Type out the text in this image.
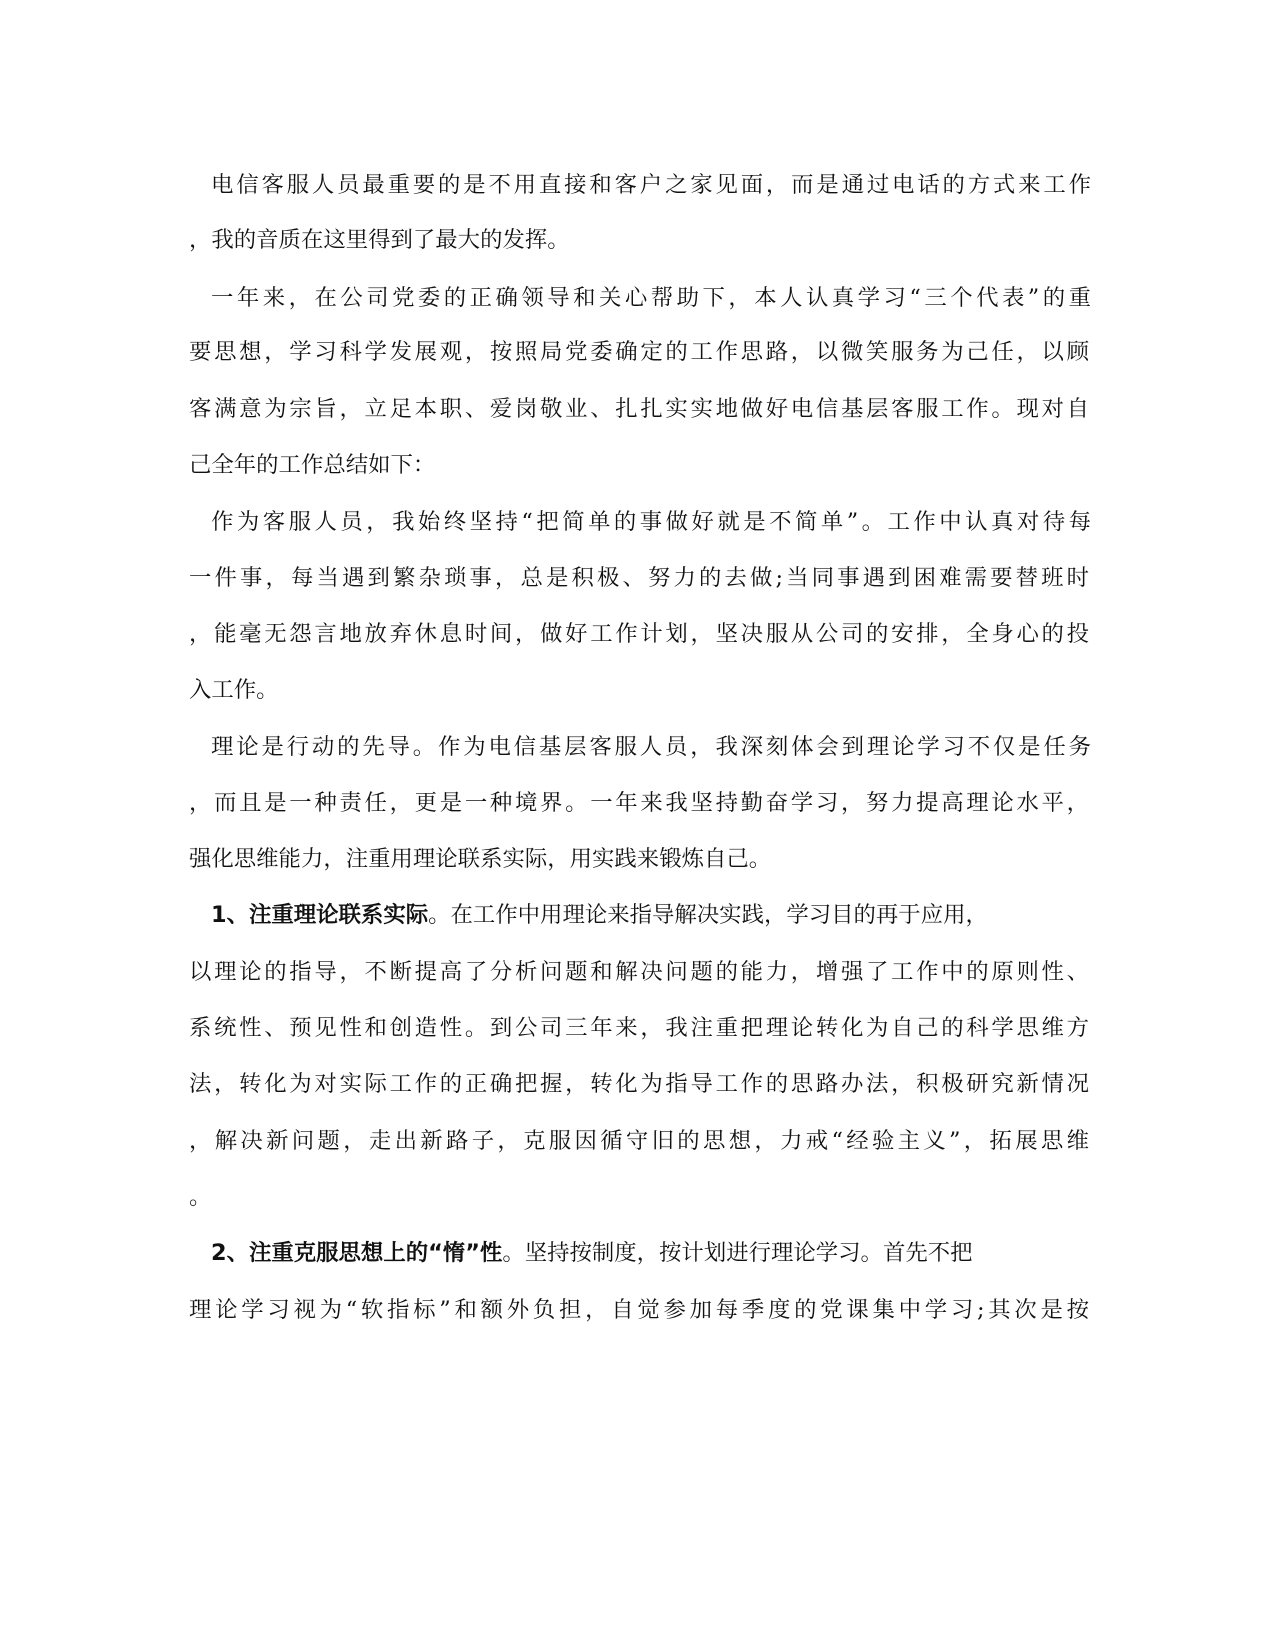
电信客服人员最重要的是不用直接和客户之家见面，而是通过电话的方式来工作
，我的音质在这里得到了最大的发挥。
一年来，在公司党委的正确领导和关心帮助下，本人认真学习“三个代表”的重
要思想，学习科学发展观，按照局党委确定的工作思路，以微笑服务为己任，以顾
客满意为宗旨，立足本职、爱岗敬业、扎扎实实地做好电信基层客服工作。现对自
己全年的工作总结如下：
作为客服人员，我始终坚持“把简单的事做好就是不简单”。工作中认真对待每
一件事，每当遇到繁杂琐事，总是积极、努力的去做;当同事遇到困难需要替班时
，能毫无怨言地放弃休息时间，做好工作计划，坚决服从公司的安排，全身心的投
入工作。
理论是行动的先导。作为电信基层客服人员，我深刻体会到理论学习不仅是任务
，而且是一种责任，更是一种境界。一年来我坚持勤奋学习，努力提高理论水平，
强化思维能力，注重用理论联系实际，用实践来锻炼自己。
1、注重理论联系实际。在工作中用理论来指导解决实践，学习目的再于应用，
以理论的指导，不断提高了分析问题和解决问题的能力，增强了工作中的原则性、
系统性、预见性和创造性。到公司三年来，我注重把理论转化为自己的科学思维方
法，转化为对实际工作的正确把握，转化为指导工作的思路办法，积极研究新情况
，解决新问题，走出新路子，克服因循守旧的思想，力戒“经验主义”，拓展思维
。
2、注重克服思想上的“惰”性。坚持按制度，按计划进行理论学习。首先不把
理论学习视为“软指标”和额外负担，自觉参加每季度的党课集中学习;其次是按
